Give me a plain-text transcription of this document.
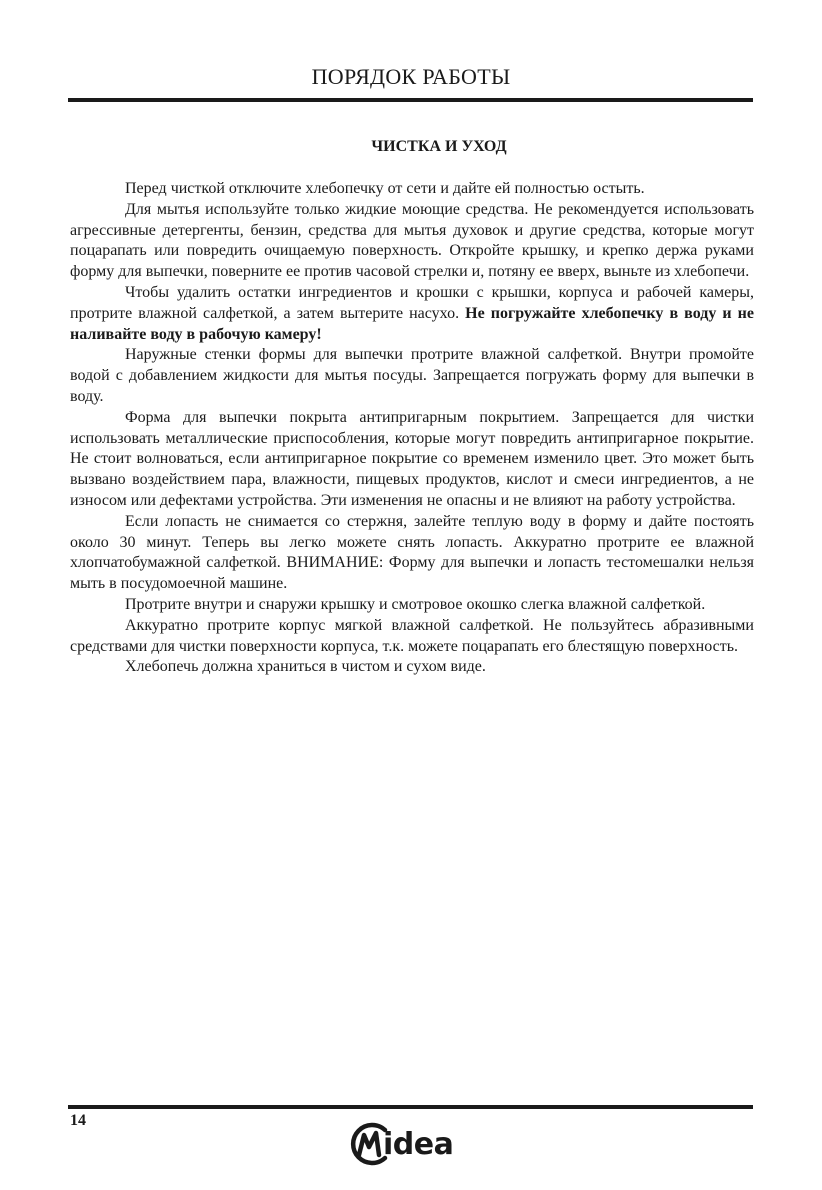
ПОРЯДОК РАБОТЫ
ЧИСТКА И УХОД

Перед чисткой отключите хлебопечку от сети и дайте ей полностью остыть.

Для мытья используйте только жидкие моющие средства. Не рекомендуется использовать агрессивные детергенты, бензин, средства для мытья духовок и другие средства, которые могут поцарапать или повредить очищаемую поверхность. Откройте крышку, и крепко держа руками форму для выпечки, поверните ее против часовой стрелки и, потяну ее вверх, выньте из хлебопечи.

Чтобы удалить остатки ингредиентов и крошки с крышки, корпуса и рабочей камеры, протрите влажной салфеткой, а затем вытерите насухо. Не погружайте хлебопечку в воду и не наливайте воду в рабочую камеру!

Наружные стенки формы для выпечки протрите влажной салфеткой. Внутри промойте водой с добавлением жидкости для мытья посуды. Запрещается погружать форму для выпечки в воду.

Форма для выпечки покрыта антипригарным покрытием. Запрещается для чистки использовать металлические приспособления, которые могут повредить антипригарное покрытие. Не стоит волноваться, если антипригарное покрытие со временем изменило цвет. Это может быть вызвано воздействием пара, влажности, пищевых продуктов, кислот и смеси ингредиентов, а не износом или дефектами устройства. Эти изменения не опасны и не влияют на работу устройства.

Если лопасть не снимается со стержня, залейте теплую воду в форму и дайте постоять около 30 минут. Теперь вы легко можете снять лопасть. Аккуратно протрите ее влажной хлопчатобумажной салфеткой. ВНИМАНИЕ: Форму для выпечки и лопасть тестомешалки нельзя мыть в посудомоечной машине.

Протрите внутри и снаружи крышку и смотровое окошко слегка влажной салфеткой.

Аккуратно протрите корпус мягкой влажной салфеткой. Не пользуйтесь абразивными средствами для чистки поверхности корпуса, т.к. можете поцарапать его блестящую поверхность.

Хлебопечь должна храниться в чистом и сухом виде.

14
idea
